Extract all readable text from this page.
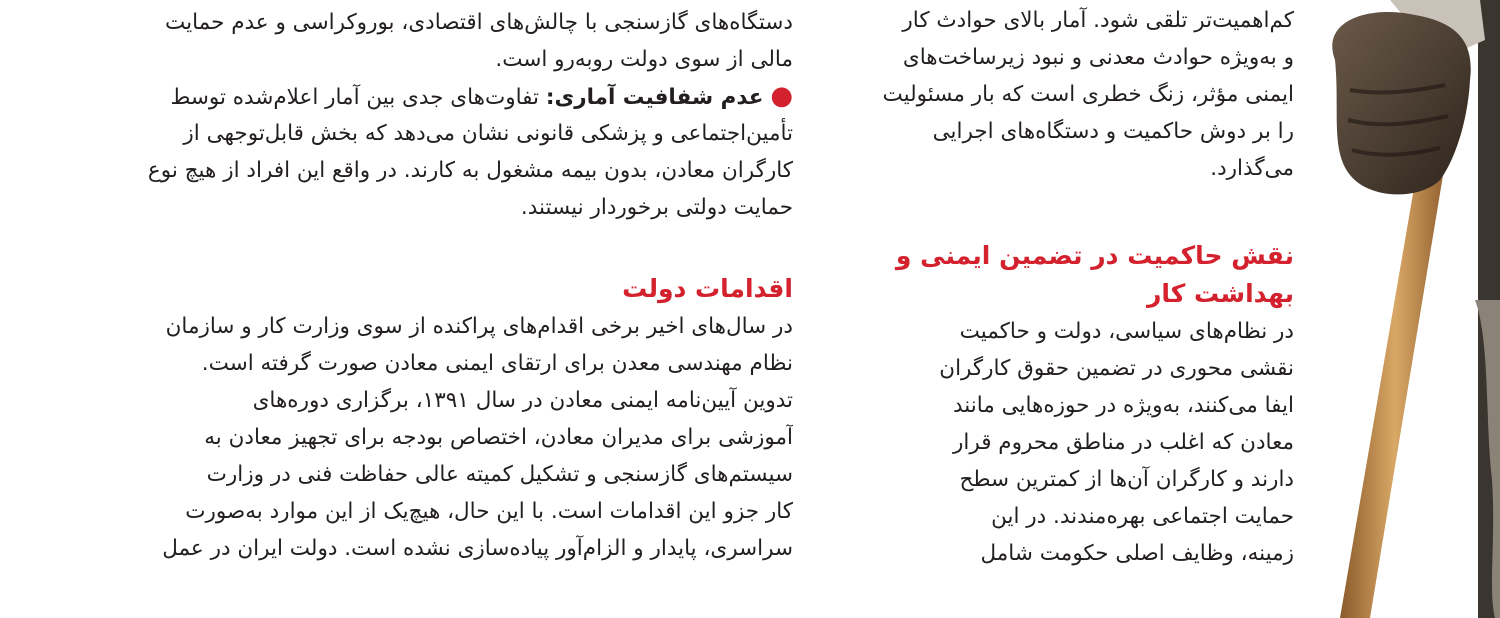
دستگاه‌های گازسنجی با چالش‌های اقتصادی، بوروکراسی و عدم حمایت
مالی از سوی دولت روبه‌رو است.
● عدم شفافیت آماری: تفاوت‌های جدی بین آمار اعلام‌شده توسط
تأمین‌اجتماعی و پزشکی قانونی نشان می‌دهد که بخش قابل‌توجهی از
کارگران معادن، بدون بیمه مشغول به کارند. در واقع این افراد از هیچ نوع
حمایت دولتی برخوردار نیستند.
اقدامات دولت
در سال‌های اخیر برخی اقدام‌های پراکنده از سوی وزارت کار و سازمان
نظام مهندسی معدن برای ارتقای ایمنی معادن صورت گرفته است.
تدوین آیین‌نامه ایمنی معادن در سال ۱۳۹۱، برگزاری دوره‌های
آموزشی برای مدیران معادن، اختصاص بودجه برای تجهیز معادن به
سیستم‌های گازسنجی و تشکیل کمیته عالی حفاظت فنی در وزارت
کار جزو این اقدامات است. با این حال، هیچ‌یک از این موارد به‌صورت
سراسری، پایدار و الزام‌آور پیاده‌سازی نشده است. دولت ایران در عمل
کم‌اهمیت‌تر تلقی شود. آمار بالای حوادث کار
و به‌ویژه حوادث معدنی و نبود زیرساخت‌های
ایمنی مؤثر، زنگ خطری است که بار مسئولیت
را بر دوش حاکمیت و دستگاه‌های اجرایی
می‌گذارد.
نقش حاکمیت در تضمین ایمنی و
بهداشت کار
در نظام‌های سیاسی، دولت و حاکمیت
نقشی محوری در تضمین حقوق کارگران
ایفا می‌کنند، به‌ویژه در حوزه‌هایی مانند
معادن که اغلب در مناطق محروم قرار
دارند و کارگران آن‌ها از کمترین سطح
حمایت اجتماعی بهره‌مندند. در این
زمینه، وظایف اصلی حکومت شامل
